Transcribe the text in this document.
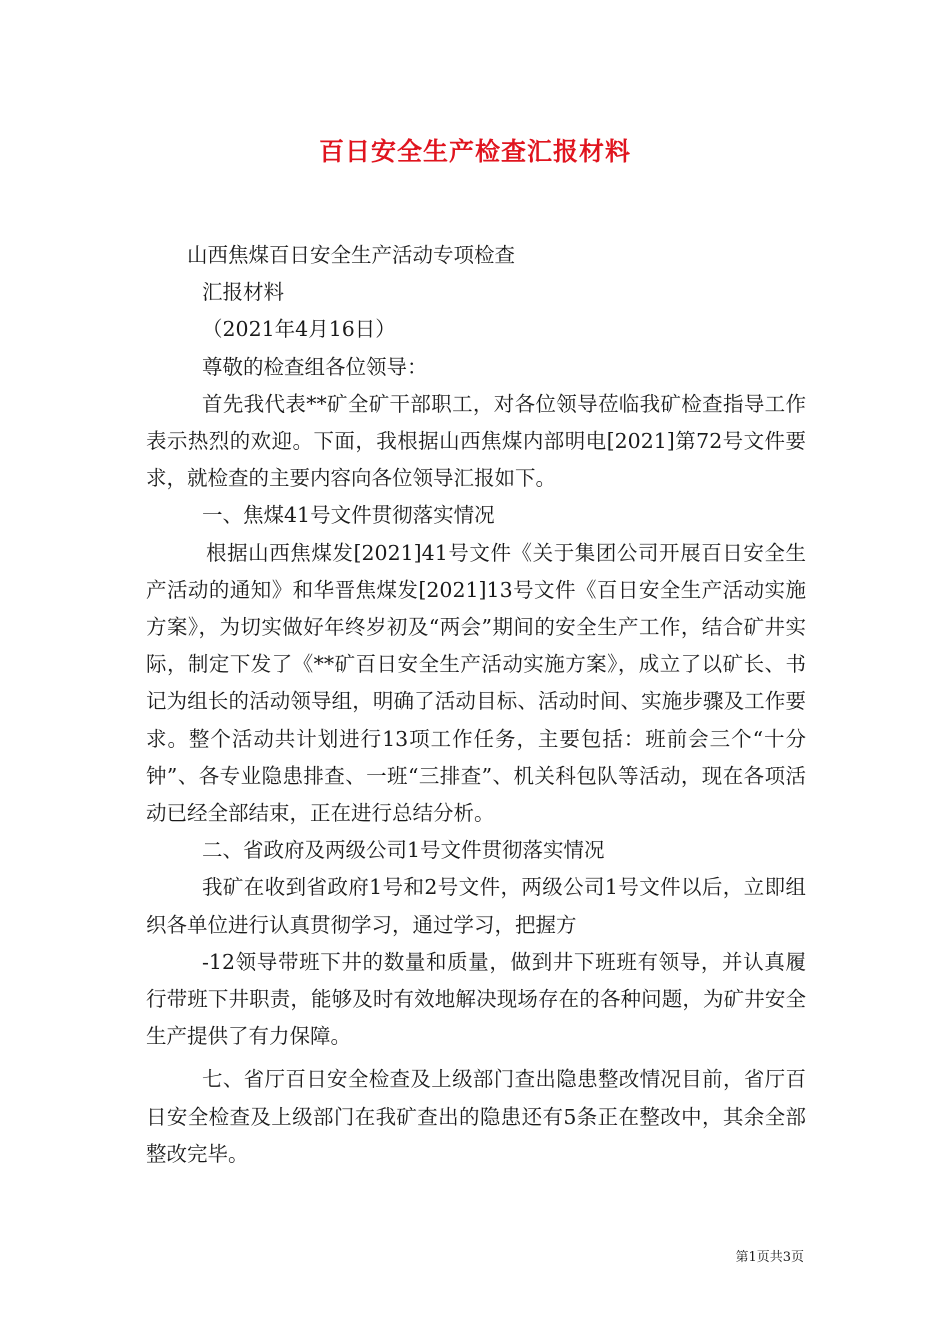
百日安全生产检查汇报材料

山西焦煤百日安全生产活动专项检查

汇报材料

（2021年4月16日）

尊敬的检查组各位领导：

首先我代表**矿全矿干部职工，对各位领导莅临我矿检查指导工作表示热烈的欢迎。下面，我根据山西焦煤内部明电[2021]第72号文件要求，就检查的主要内容向各位领导汇报如下。

一、焦煤41号文件贯彻落实情况

根据山西焦煤发[2021]41号文件《关于集团公司开展百日安全生产活动的通知》和华晋焦煤发[2021]13号文件《百日安全生产活动实施方案》，为切实做好年终岁初及“两会”期间的安全生产工作，结合矿井实际，制定下发了《**矿百日安全生产活动实施方案》，成立了以矿长、书记为组长的活动领导组，明确了活动目标、活动时间、实施步骤及工作要求。整个活动共计划进行13项工作任务，主要包括：班前会三个“十分钟”、各专业隐患排查、一班“三排查”、机关科包队等活动，现在各项活动已经全部结束，正在进行总结分析。

二、省政府及两级公司1号文件贯彻落实情况

我矿在收到省政府1号和2号文件，两级公司1号文件以后，立即组织各单位进行认真贯彻学习，通过学习，把握方

-12领导带班下井的数量和质量，做到井下班班有领导，并认真履行带班下井职责，能够及时有效地解决现场存在的各种问题，为矿井安全生产提供了有力保障。

七、省厅百日安全检查及上级部门查出隐患整改情况目前，省厅百日安全检查及上级部门在我矿查出的隐患还有5条正在整改中，其余全部整改完毕。

第1页共3页
